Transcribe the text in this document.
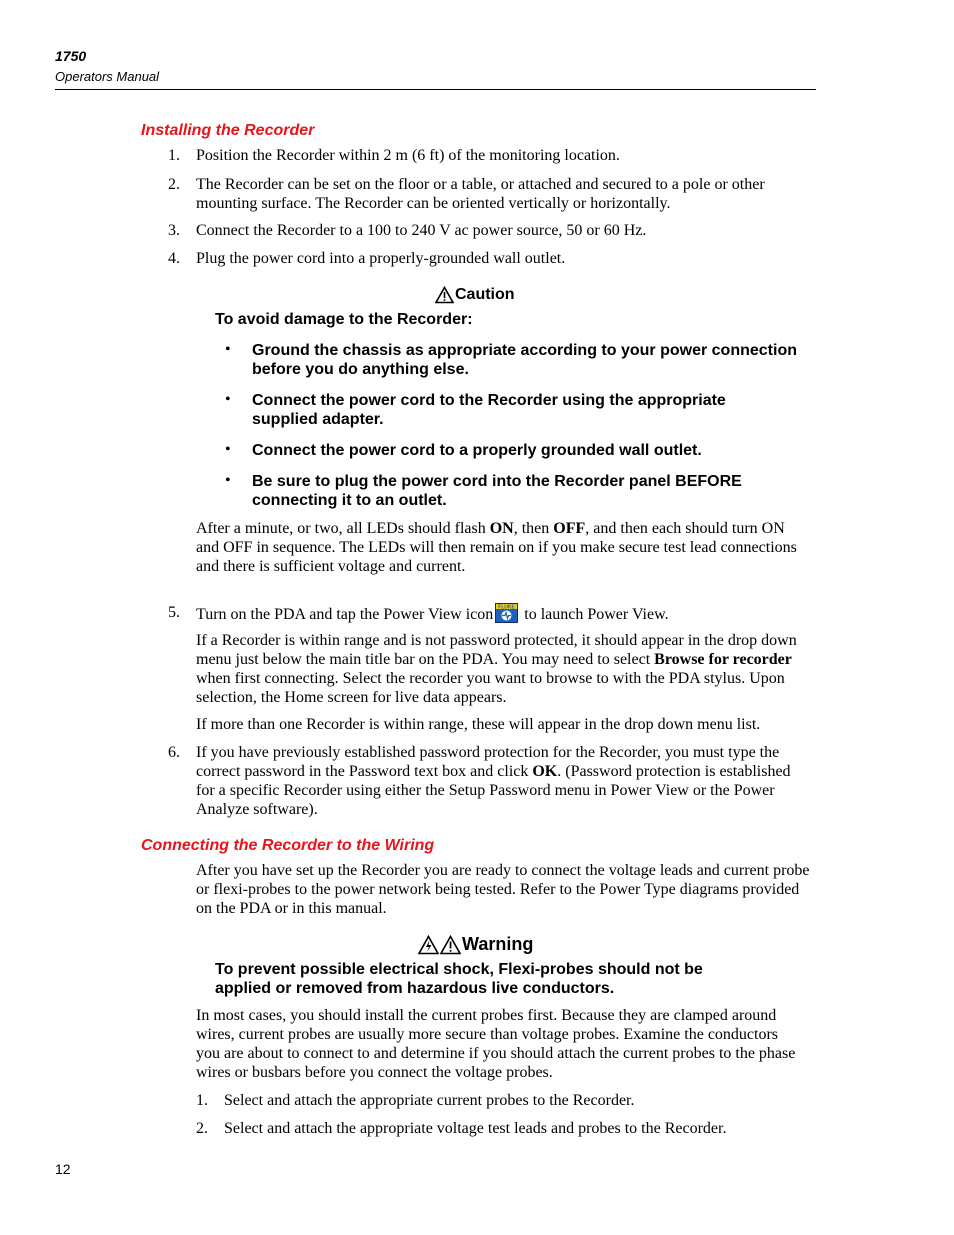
1750
Operators Manual
Installing the Recorder
1.	Position the Recorder within 2 m (6 ft) of the monitoring location.
2.	The Recorder can be set on the floor or a table, or attached and secured to a pole or other mounting surface. The Recorder can be oriented vertically or horizontally.
3.	Connect the Recorder to a 100 to 240 V ac power source, 50 or 60 Hz.
4.	Plug the power cord into a properly-grounded wall outlet.
Caution
To avoid damage to the Recorder:
• Ground the chassis as appropriate according to your power connection before you do anything else.
• Connect the power cord to the Recorder using the appropriate supplied adapter.
• Connect the power cord to a properly grounded wall outlet.
• Be sure to plug the power cord into the Recorder panel BEFORE connecting it to an outlet.
After a minute, or two, all LEDs should flash ON, then OFF, and then each should turn ON and OFF in sequence. The LEDs will then remain on if you make secure test lead connections and there is sufficient voltage and current.
5.	Turn on the PDA and tap the Power View icon FLUKE to launch Power View.
If a Recorder is within range and is not password protected, it should appear in the drop down menu just below the main title bar on the PDA. You may need to select Browse for recorder when first connecting. Select the recorder you want to browse to with the PDA stylus. Upon selection, the Home screen for live data appears.
If more than one Recorder is within range, these will appear in the drop down menu list.
6.	If you have previously established password protection for the Recorder, you must type the correct password in the Password text box and click OK. (Password protection is established for a specific Recorder using either the Setup Password menu in Power View or the Power Analyze software).
Connecting the Recorder to the Wiring
After you have set up the Recorder you are ready to connect the voltage leads and current probe or flexi-probes to the power network being tested. Refer to the Power Type diagrams provided on the PDA or in this manual.
Warning
To prevent possible electrical shock, Flexi-probes should not be applied or removed from hazardous live conductors.
In most cases, you should install the current probes first. Because they are clamped around wires, current probes are usually more secure than voltage probes. Examine the conductors you are about to connect to and determine if you should attach the current probes to the phase wires or busbars before you connect the voltage probes.
1.	Select and attach the appropriate current probes to the Recorder.
2.	Select and attach the appropriate voltage test leads and probes to the Recorder.
12
